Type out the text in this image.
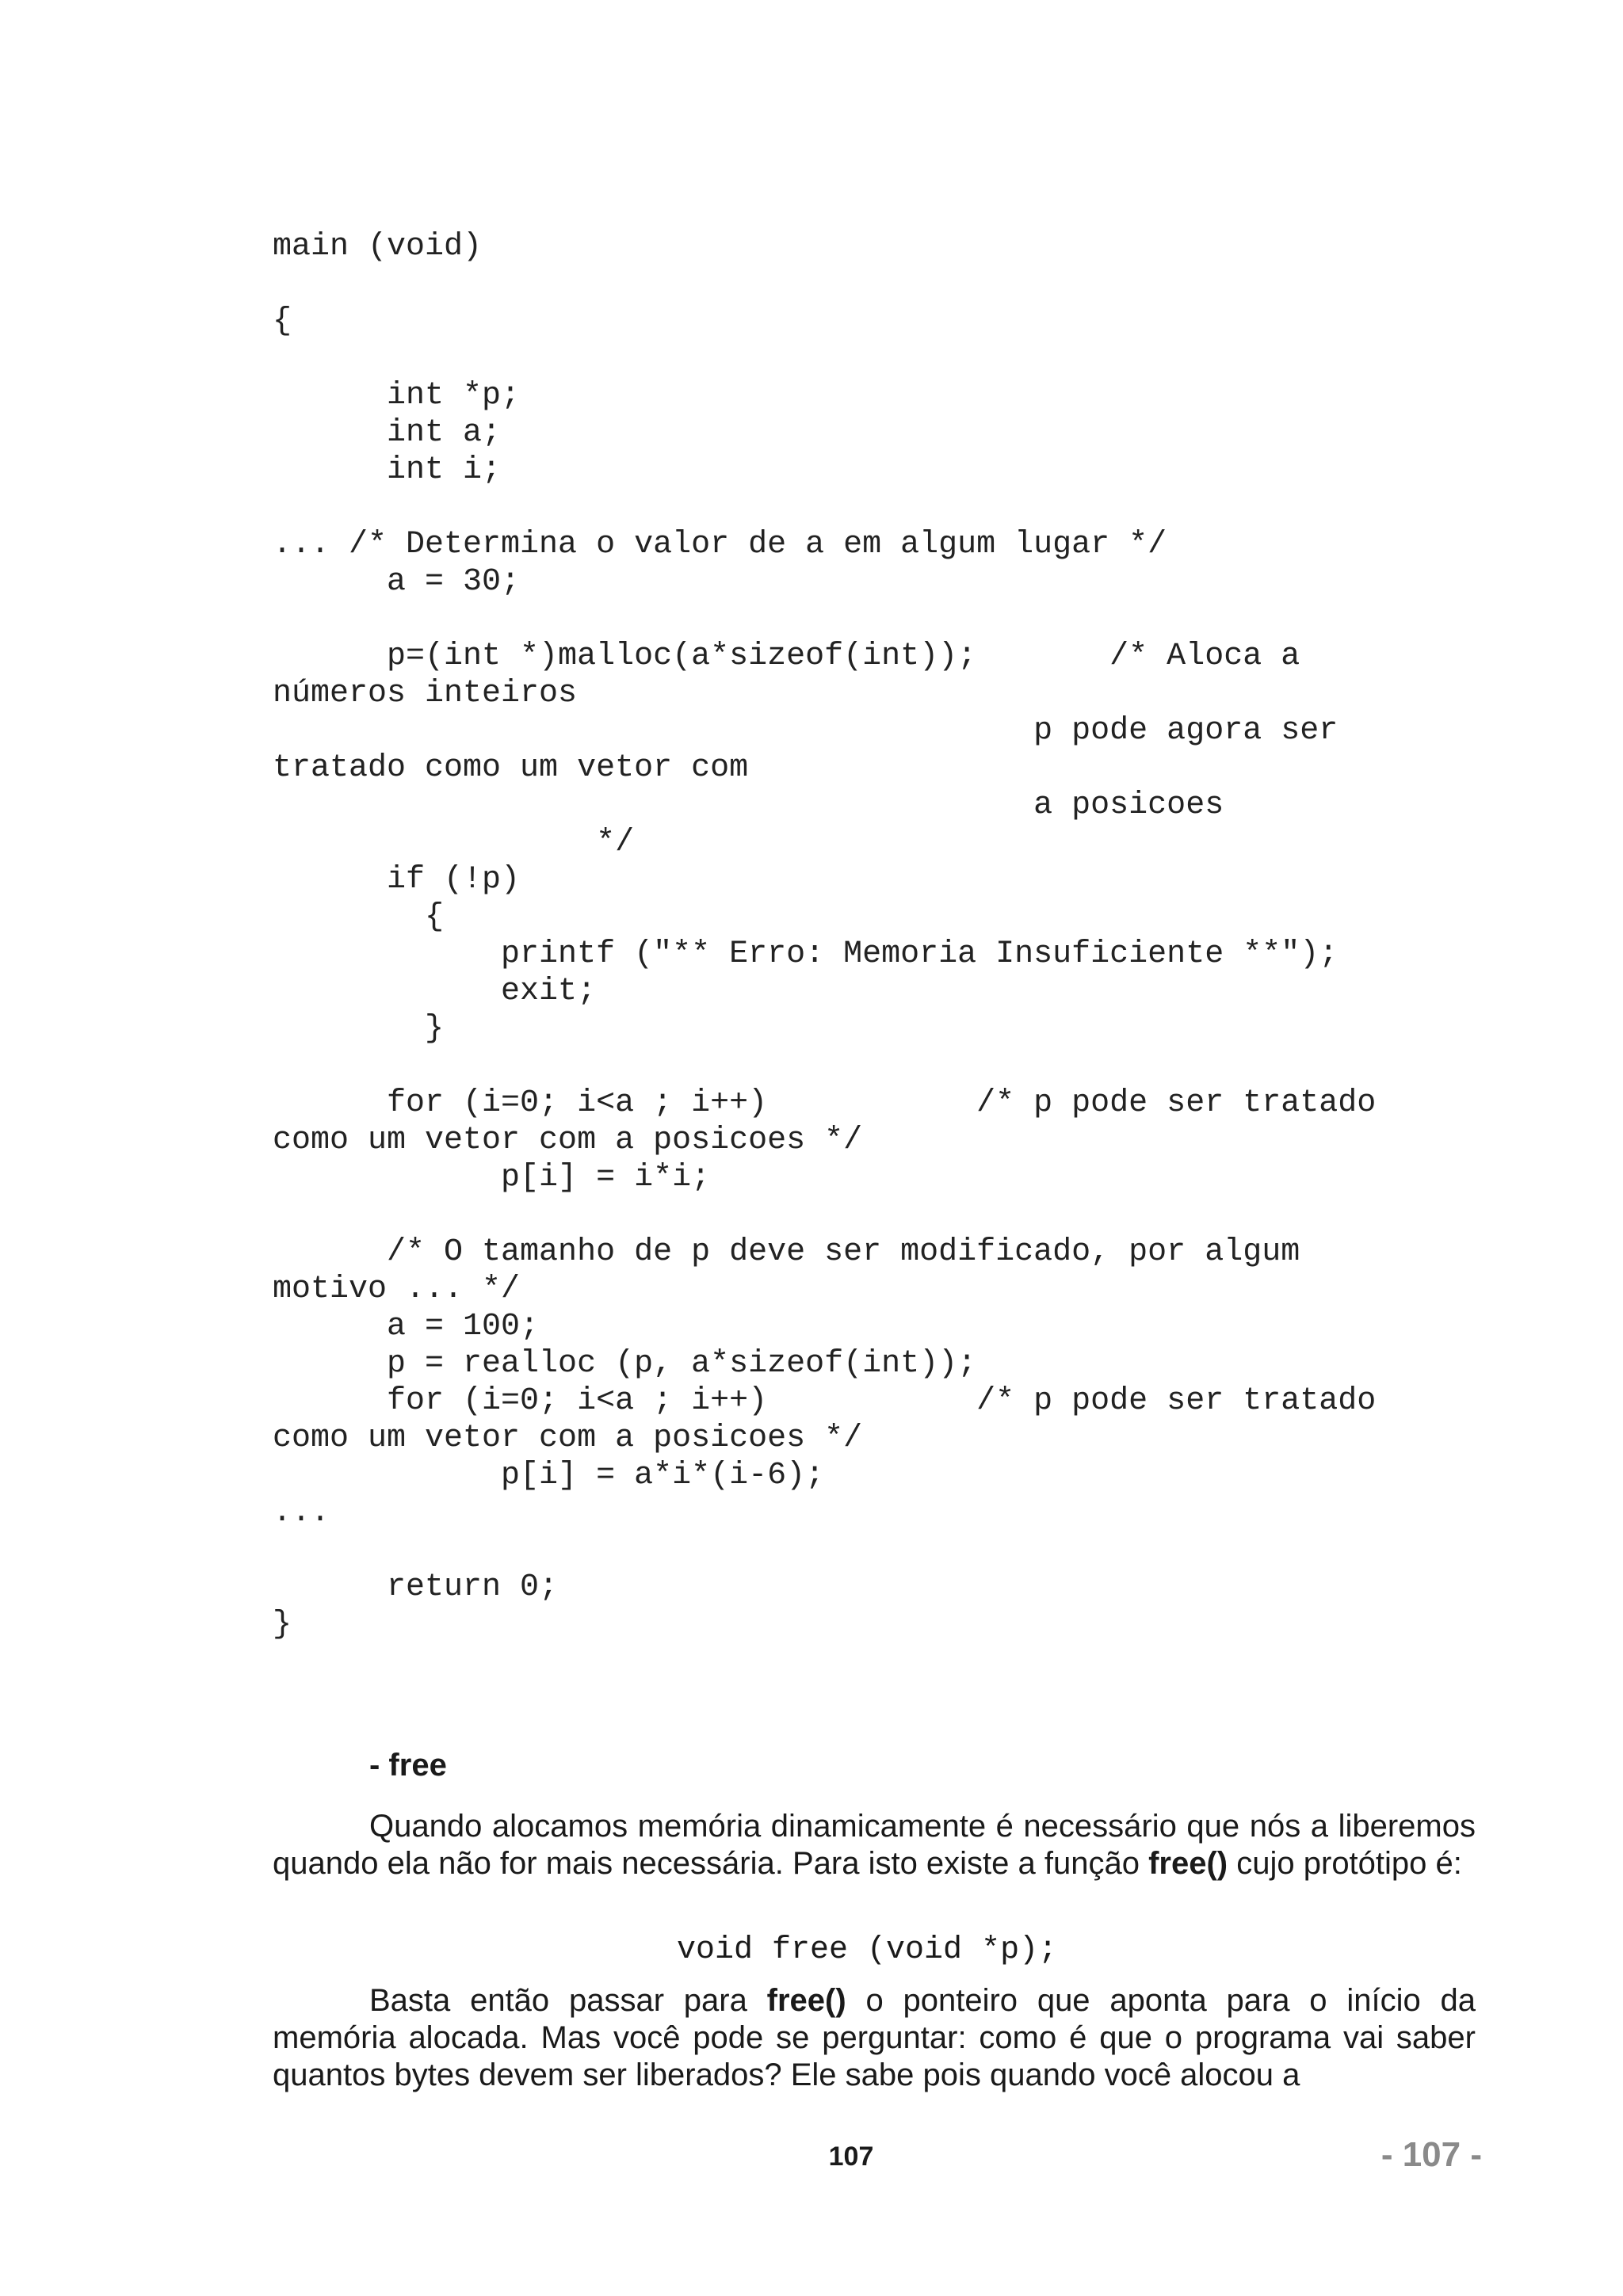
main (void)
{
int *p;
int a;
int i;
... /* Determina o valor de a em algum lugar */
a = 30;
p=(int *)malloc(a*sizeof(int));       /* Aloca a
números inteiros
p pode agora ser
tratado como um vetor com
a posicoes
*/
if (!p)
{
printf ("** Erro: Memoria Insuficiente **");
exit;
}
for (i=0; i<a ; i++)           /* p pode ser tratado
como um vetor com a posicoes */
p[i] = i*i;
/* O tamanho de p deve ser modificado, por algum
motivo ... */
a = 100;
p = realloc (p, a*sizeof(int));
for (i=0; i<a ; i++)           /* p pode ser tratado
como um vetor com a posicoes */
p[i] = a*i*(i-6);
...
return 0;
}
- free

Quando alocamos memória dinamicamente é necessário que nós a liberemos quando ela não for mais necessária. Para isto existe a função free() cujo protótipo é:

void free (void *p);

Basta então passar para free() o ponteiro que aponta para o início da memória alocada. Mas você pode se perguntar: como é que o programa vai saber quantos bytes devem ser liberados? Ele sabe pois quando você alocou a

107	- 107 -
